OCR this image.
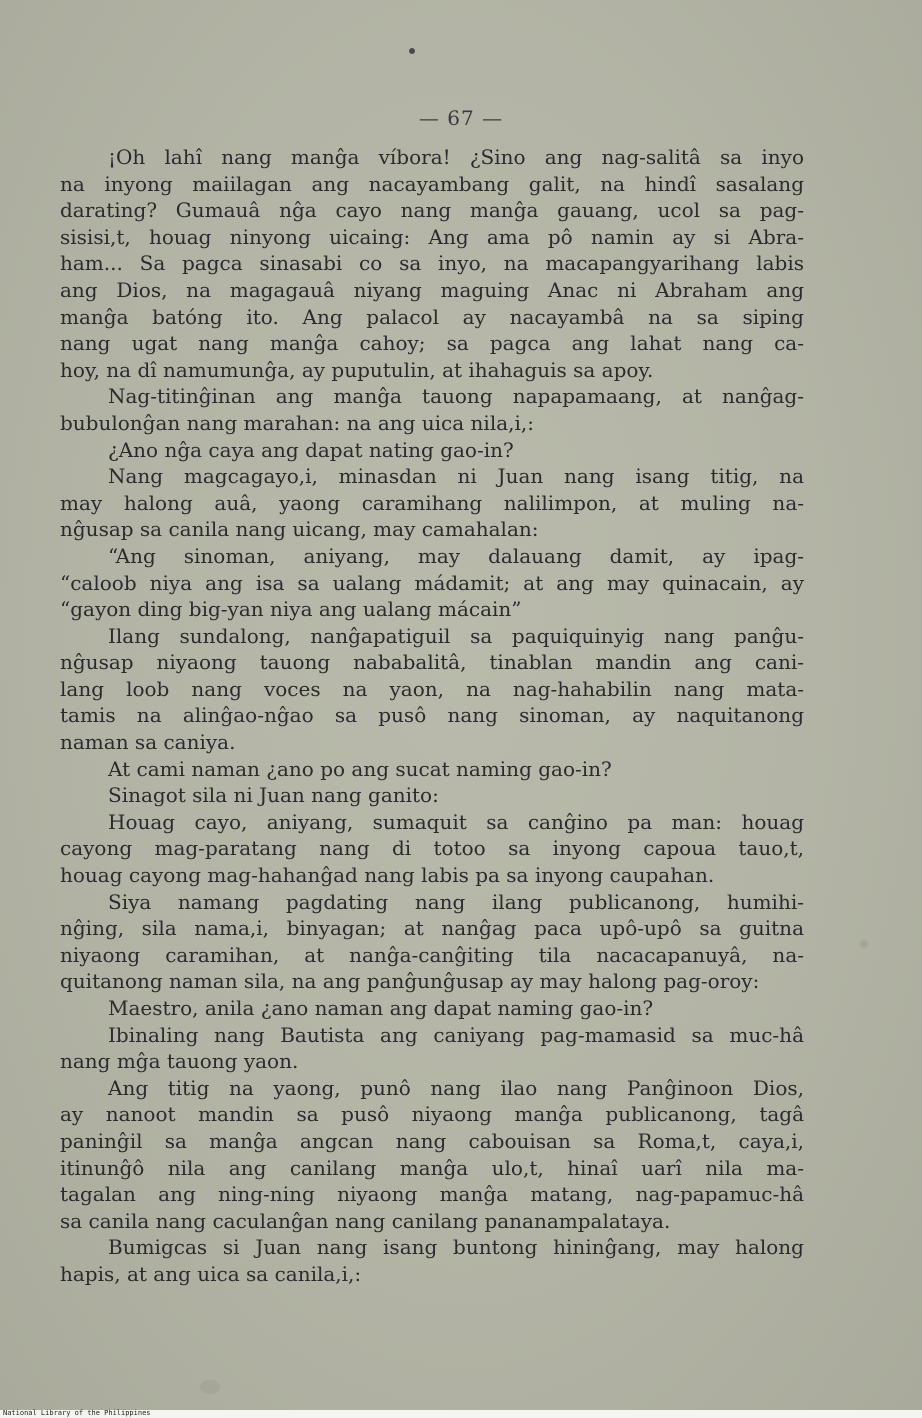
— 67 —
¡Oh lahî nang manĝa víbora! ¿Sino ang nag-salitâ sa inyo
na inyong maiilagan ang nacayambang galit, na hindî sasalang
darating? Gumauâ nĝa cayo nang manĝa gauang, ucol sa pag-
sisisi,t, houag ninyong uicaing: Ang ama pô namin ay si Abra-
ham... Sa pagca sinasabi co sa inyo, na macapangyarihang labis
ang Dios, na magagauâ niyang maguing Anac ni Abraham ang
manĝa batóng ito. Ang palacol ay nacayambâ na sa siping
nang ugat nang manĝa cahoy; sa pagca ang lahat nang ca-
hoy, na dî namumunĝa, ay puputulin, at ihahaguis sa apoy.
Nag-titinĝinan ang manĝa tauong napapamaang, at nanĝag-
bubulonĝan nang marahan: na ang uica nila,i,:
¿Ano nĝa caya ang dapat nating gao-in?
Nang magcagayo,i, minasdan ni Juan nang isang titig, na
may halong auâ, yaong caramihang nalilimpon, at muling na-
nĝusap sa canila nang uicang, may camahalan:
“Ang sinoman, aniyang, may dalauang damit, ay ipag-
“caloob niya ang isa sa ualang mádamit; at ang may quinacain, ay
“gayon ding big-yan niya ang ualang mácain”
Ilang sundalong, nanĝapatiguil sa paquiquinyig nang panĝu-
nĝusap niyaong tauong nababalitâ, tinablan mandin ang cani-
lang loob nang voces na yaon, na nag-hahabilin nang mata-
tamis na alinĝao-nĝao sa pusô nang sinoman, ay naquitanong
naman sa caniya.
At cami naman ¿ano po ang sucat naming gao-in?
Sinagot sila ni Juan nang ganito:
Houag cayo, aniyang, sumaquit sa canĝino pa man: houag
cayong mag-paratang nang di totoo sa inyong capoua tauo,t,
houag cayong mag-hahanĝad nang labis pa sa inyong caupahan.
Siya namang pagdating nang ilang publicanong, humihi-
nĝing, sila nama,i, binyagan; at nanĝag paca upô-upô sa guitna
niyaong caramihan, at nanĝa-canĝiting tila nacacapanuyâ, na-
quitanong naman sila, na ang panĝunĝusap ay may halong pag-oroy:
Maestro, anila ¿ano naman ang dapat naming gao-in?
Ibinaling nang Bautista ang caniyang pag-mamasid sa muc-hâ
nang mĝa tauong yaon.
Ang titig na yaong, punô nang ilao nang Panĝinoon Dios,
ay nanoot mandin sa pusô niyaong manĝa publicanong, tagâ
paninĝil sa manĝa angcan nang cabouisan sa Roma,t, caya,i,
itinunĝô nila ang canilang manĝa ulo,t, hinaî uarî nila ma-
tagalan ang ning-ning niyaong manĝa matang, nag-papamuc-hâ
sa canila nang caculanĝan nang canilang pananampalataya.
Bumigcas si Juan nang isang buntong hininĝang, may halong
hapis, at ang uica sa canila,i,:
National Library of the Philippines
